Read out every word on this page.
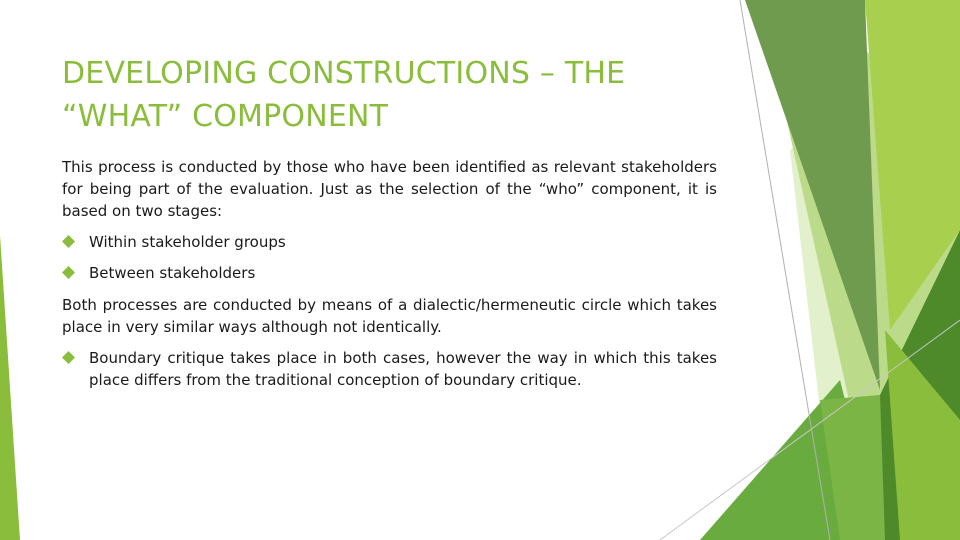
DEVELOPING CONSTRUCTIONS – THE “WHAT” COMPONENT

This process is conducted by those who have been identified as relevant stakeholders for being part of the evaluation. Just as the selection of the “who” component, it is based on two stages:

Within stakeholder groups
Between stakeholders

Both processes are conducted by means of a dialectic/hermeneutic circle which takes place in very similar ways although not identically.

Boundary critique takes place in both cases, however the way in which this takes place differs from the traditional conception of boundary critique.
